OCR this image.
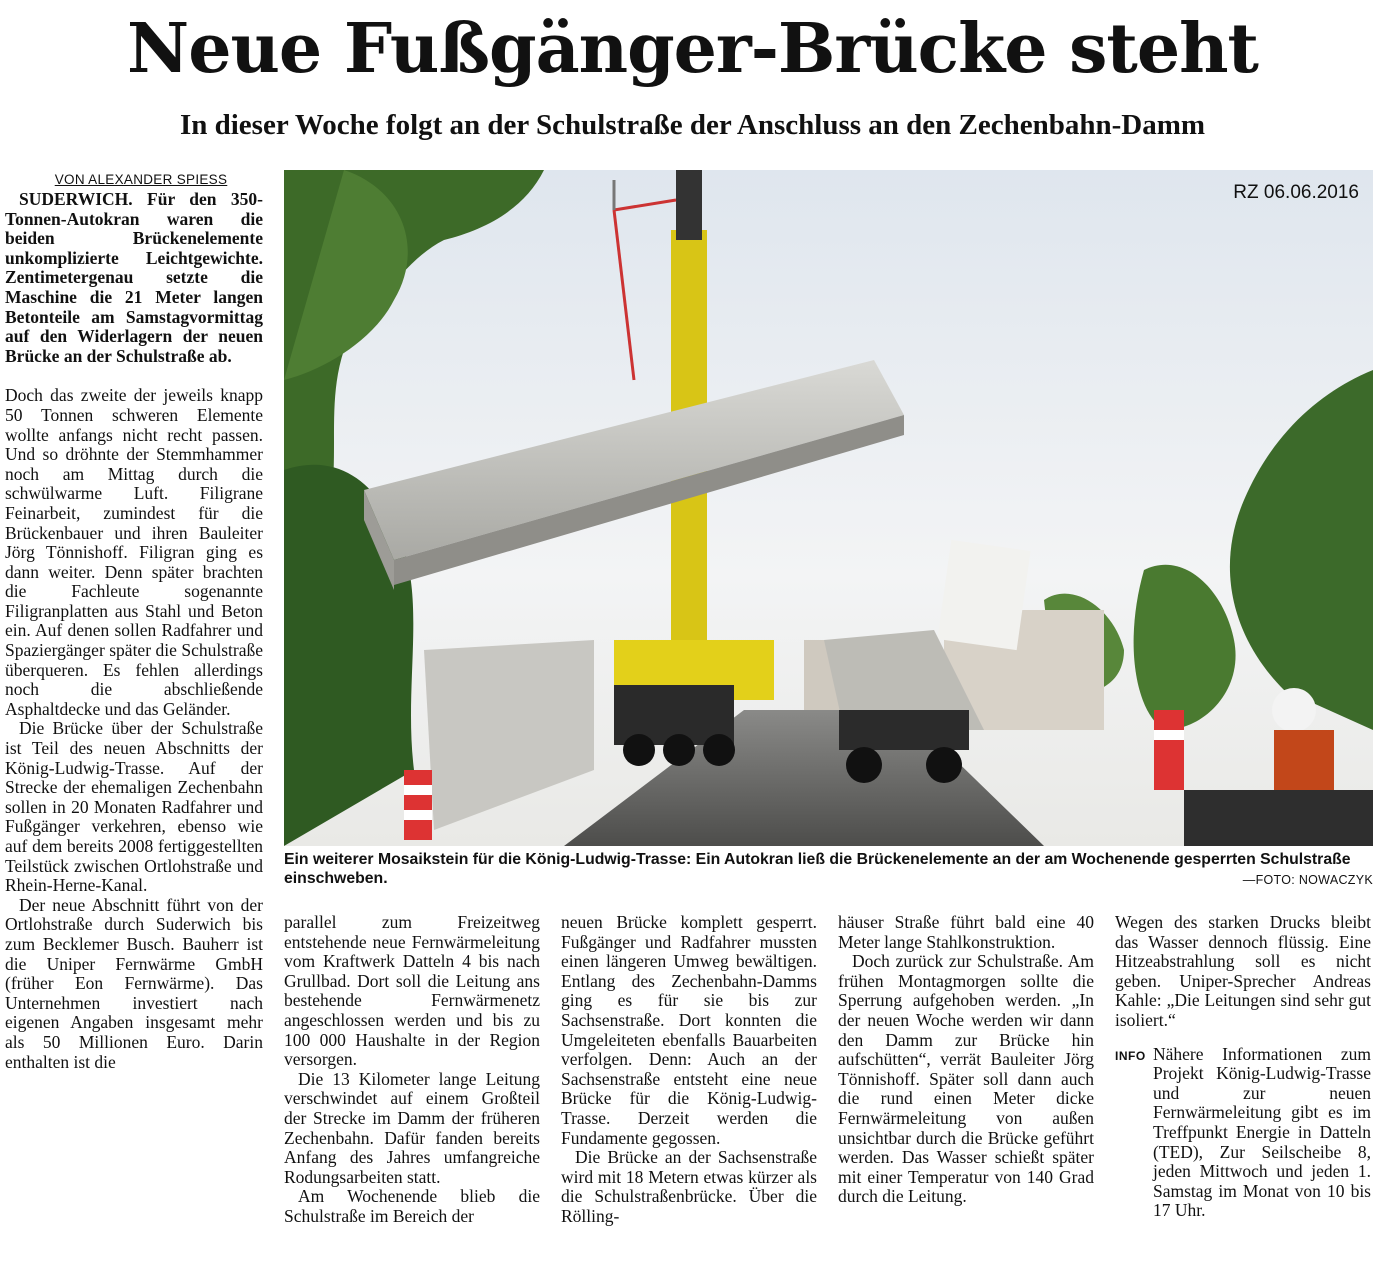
Neue Fußgänger-Brücke steht
In dieser Woche folgt an der Schulstraße der Anschluss an den Zechenbahn-Damm

VON ALEXANDER SPIESS

SUDERWICH. Für den 350-Tonnen-Autokran waren die beiden Brückenelemente unkomplizierte Leichtgewichte. Zentimetergenau setzte die Maschine die 21 Meter langen Betonteile am Samstagvormittag auf den Widerlagern der neuen Brücke an der Schulstraße ab.

Doch das zweite der jeweils knapp 50 Tonnen schweren Elemente wollte anfangs nicht recht passen. Und so dröhnte der Stemmhammer noch am Mittag durch die schwülwarme Luft. Filigrane Feinarbeit, zumindest für die Brückenbauer und ihren Bauleiter Jörg Tönnishoff. Filigran ging es dann weiter. Denn später brachten die Fachleute sogenannte Filigranplatten aus Stahl und Beton ein. Auf denen sollen Radfahrer und Spaziergänger später die Schulstraße überqueren. Es fehlen allerdings noch die abschließende Asphaltdecke und das Geländer.

Die Brücke über der Schulstraße ist Teil des neuen Abschnitts der König-Ludwig-Trasse. Auf der Strecke der ehemaligen Zechenbahn sollen in 20 Monaten Radfahrer und Fußgänger verkehren, ebenso wie auf dem bereits 2008 fertiggestellten Teilstück zwischen Ortlohstraße und Rhein-Herne-Kanal.

Der neue Abschnitt führt von der Ortlohstraße durch Suderwich bis zum Becklemer Busch. Bauherr ist die Uniper Fernwärme GmbH (früher Eon Fernwärme). Das Unternehmen investiert nach eigenen Angaben insgesamt mehr als 50 Millionen Euro. Darin enthalten ist die

RZ 06.06.2016
Ein weiterer Mosaikstein für die König-Ludwig-Trasse: Ein Autokran ließ die Brückenelemente an der am Wochenende gesperrten Schulstraße einschweben.	—FOTO: NOWACZYK

parallel zum Freizeitweg entstehende neue Fernwärmeleitung vom Kraftwerk Datteln 4 bis nach Grullbad. Dort soll die Leitung ans bestehende Fernwärmenetz angeschlossen werden und bis zu 100 000 Haushalte in der Region versorgen.

Die 13 Kilometer lange Leitung verschwindet auf einem Großteil der Strecke im Damm der früheren Zechenbahn. Dafür fanden bereits Anfang des Jahres umfangreiche Rodungsarbeiten statt.

Am Wochenende blieb die Schulstraße im Bereich der

neuen Brücke komplett gesperrt. Fußgänger und Radfahrer mussten einen längeren Umweg bewältigen. Entlang des Zechenbahn-Damms ging es für sie bis zur Sachsenstraße. Dort konnten die Umgeleiteten ebenfalls Bauarbeiten verfolgen. Denn: Auch an der Sachsenstraße entsteht eine neue Brücke für die König-Ludwig-Trasse. Derzeit werden die Fundamente gegossen.

Die Brücke an der Sachsenstraße wird mit 18 Metern etwas kürzer als die Schulstraßenbrücke. Über die Rölling-

häuser Straße führt bald eine 40 Meter lange Stahlkonstruktion.

Doch zurück zur Schulstraße. Am frühen Montagmorgen sollte die Sperrung aufgehoben werden. „In der neuen Woche werden wir dann den Damm zur Brücke hin aufschütten“, verrät Bauleiter Jörg Tönnishoff. Später soll dann auch die rund einen Meter dicke Fernwärmeleitung von außen unsichtbar durch die Brücke geführt werden. Das Wasser schießt später mit einer Temperatur von 140 Grad durch die Leitung.

Wegen des starken Drucks bleibt das Wasser dennoch flüssig. Eine Hitzeabstrahlung soll es nicht geben. Uniper-Sprecher Andreas Kahle: „Die Leitungen sind sehr gut isoliert.“

INFO Nähere Informationen zum Projekt König-Ludwig-Trasse und zur neuen Fernwärmeleitung gibt es im Treffpunkt Energie in Datteln (TED), Zur Seilscheibe 8, jeden Mittwoch und jeden 1. Samstag im Monat von 10 bis 17 Uhr.
